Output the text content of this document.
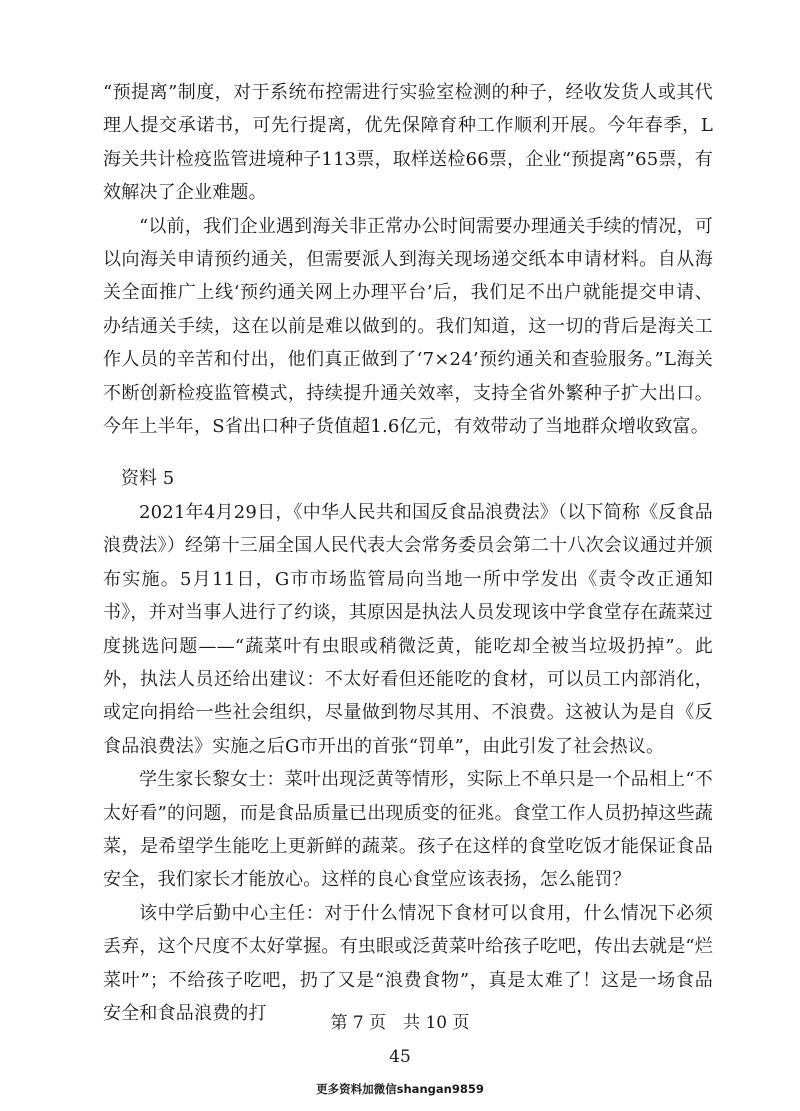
“预提离”制度，对于系统布控需进行实验室检测的种子，经收发货人或其代理人提交承诺书，可先行提离，优先保障育种工作顺利开展。今年春季，L海关共计检疫监管进境种子113票，取样送检66票，企业“预提离”65票，有效解决了企业难题。

“以前，我们企业遇到海关非正常办公时间需要办理通关手续的情况，可以向海关申请预约通关，但需要派人到海关现场递交纸本申请材料。自从海关全面推广上线‘预约通关网上办理平台’后，我们足不出户就能提交申请、办结通关手续，这在以前是难以做到的。我们知道，这一切的背后是海关工作人员的辛苦和付出，他们真正做到了‘7×24’预约通关和查验服务。”L海关不断创新检疫监管模式，持续提升通关效率，支持全省外繁种子扩大出口。今年上半年，S省出口种子货值超1.6亿元，有效带动了当地群众增收致富。

资料 5

2021年4月29日，《中华人民共和国反食品浪费法》（以下简称《反食品浪费法》）经第十三届全国人民代表大会常务委员会第二十八次会议通过并颁布实施。5月11日，G市市场监管局向当地一所中学发出《责令改正通知书》，并对当事人进行了约谈，其原因是执法人员发现该中学食堂存在蔬菜过度挑选问题——“蔬菜叶有虫眼或稍微泛黄，能吃却全被当垃圾扔掉”。此外，执法人员还给出建议：不太好看但还能吃的食材，可以员工内部消化，或定向捐给一些社会组织，尽量做到物尽其用、不浪费。这被认为是自《反食品浪费法》实施之后G市开出的首张“罚单”，由此引发了社会热议。

学生家长黎女士：菜叶出现泛黄等情形，实际上不单只是一个品相上“不太好看”的问题，而是食品质量已出现质变的征兆。食堂工作人员扔掉这些蔬菜，是希望学生能吃上更新鲜的蔬菜。孩子在这样的食堂吃饭才能保证食品安全，我们家长才能放心。这样的良心食堂应该表扬，怎么能罚？

该中学后勤中心主任：对于什么情况下食材可以食用，什么情况下必须丢弃，这个尺度不太好掌握。有虫眼或泛黄菜叶给孩子吃吧，传出去就是“烂菜叶”；不给孩子吃吧，扔了又是“浪费食物”，真是太难了！这是一场食品安全和食品浪费的打	第 7 页　共 10 页
45
更多资料加微信shangan9859
